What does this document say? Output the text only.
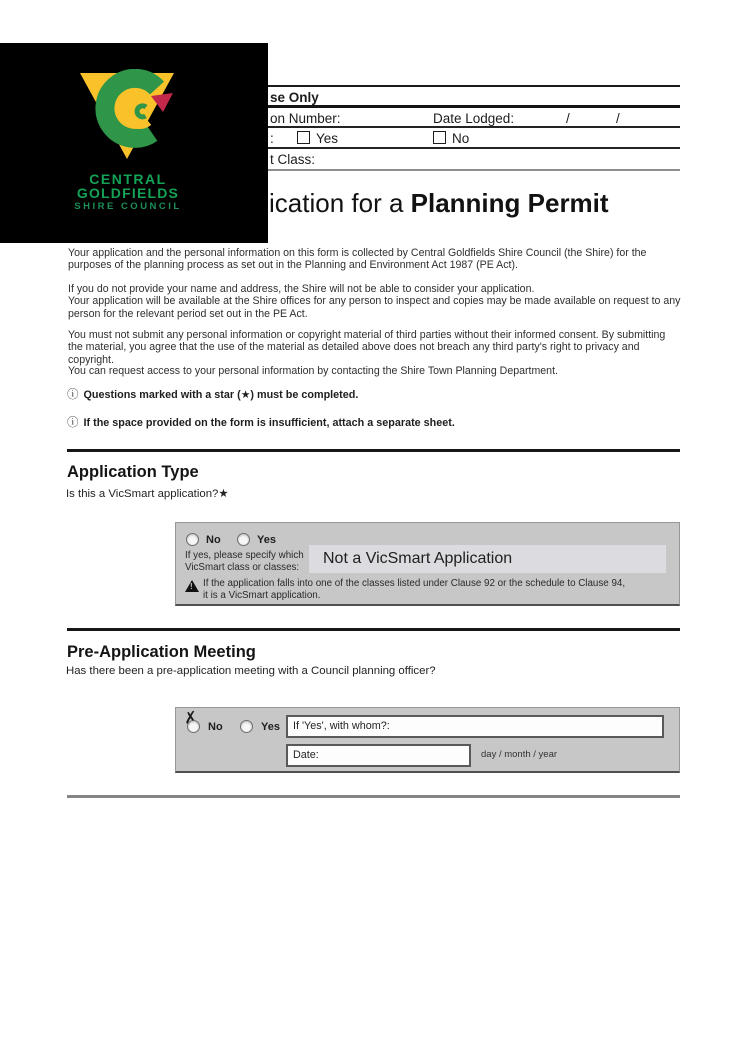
se Only
on Number:	Date Lodged:	/	/
:	Yes	No
t Class:
CENTRAL
GOLDFIELDS
SHIRE COUNCIL	ication for a Planning Permit
Your application and the personal information on this form is collected by Central Goldfields Shire Council (the Shire) for the purposes of the planning process as set out in the Planning and Environment Act 1987 (PE Act).
If you do not provide your name and address, the Shire will not be able to consider your application.
Your application will be available at the Shire offices for any person to inspect and copies may be made available on request to any person for the relevant period set out in the PE Act.
You must not submit any personal information or copyright material of third parties without their informed consent. By submitting the material, you agree that the use of the material as detailed above does not breach any third party's right to privacy and copyright.
You can request access to your personal information by contacting the Shire Town Planning Department.
ⓘ Questions marked with a star (★) must be completed.
ⓘ If the space provided on the form is insufficient, attach a separate sheet.
Application Type
Is this a VicSmart application?★
No	Yes
If yes, please specify which
VicSmart class or classes:
Not a VicSmart Application
!
If the application falls into one of the classes listed under Clause 92 or the schedule to Clause 94,
it is a VicSmart application.
Pre-Application Meeting
Has there been a pre-application meeting with a Council planning officer?
✗ No	Yes	If 'Yes', with whom?:
Date:	day / month / year
